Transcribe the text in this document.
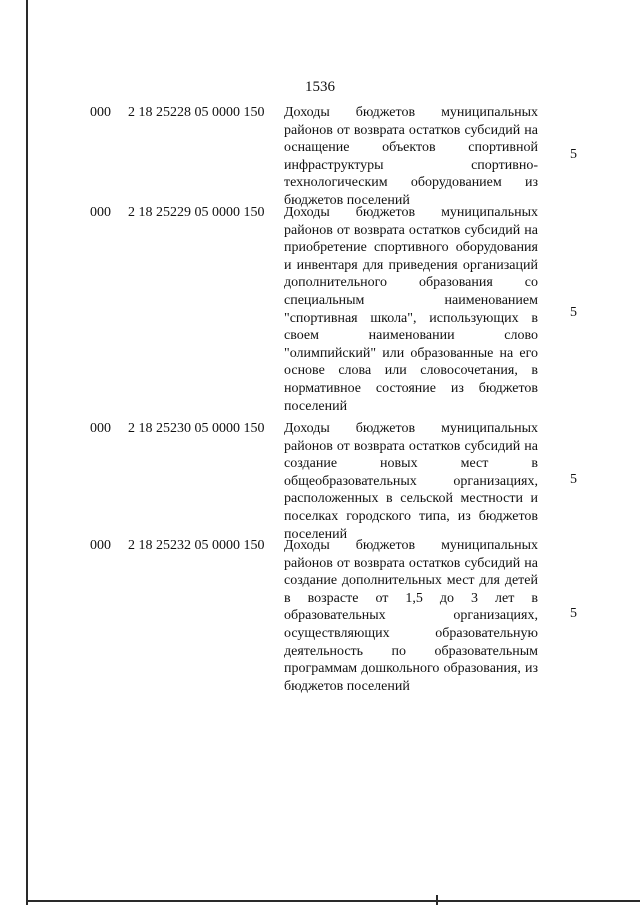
1536
000 2 18 25228 05 0000 150 Доходы бюджетов муниципальных районов от возврата остатков субсидий на оснащение объектов спортивной инфраструктуры спортивно-технологическим оборудованием из бюджетов поселений
5
000 2 18 25229 05 0000 150 Доходы бюджетов муниципальных районов от возврата остатков субсидий на приобретение спортивного оборудования и инвентаря для приведения организаций дополнительного образования со специальным наименованием "спортивная школа", использующих в своем наименовании слово "олимпийский" или образованные на его основе слова или словосочетания, в нормативное состояние из бюджетов поселений
5
000 2 18 25230 05 0000 150 Доходы бюджетов муниципальных районов от возврата остатков субсидий на создание новых мест в общеобразовательных организациях, расположенных в сельской местности и поселках городского типа, из бюджетов поселений
5
000 2 18 25232 05 0000 150 Доходы бюджетов муниципальных районов от возврата остатков субсидий на создание дополнительных мест для детей в возрасте от 1,5 до 3 лет в образовательных организациях, осуществляющих образовательную деятельность по образовательным программам дошкольного образования, из бюджетов поселений
5
